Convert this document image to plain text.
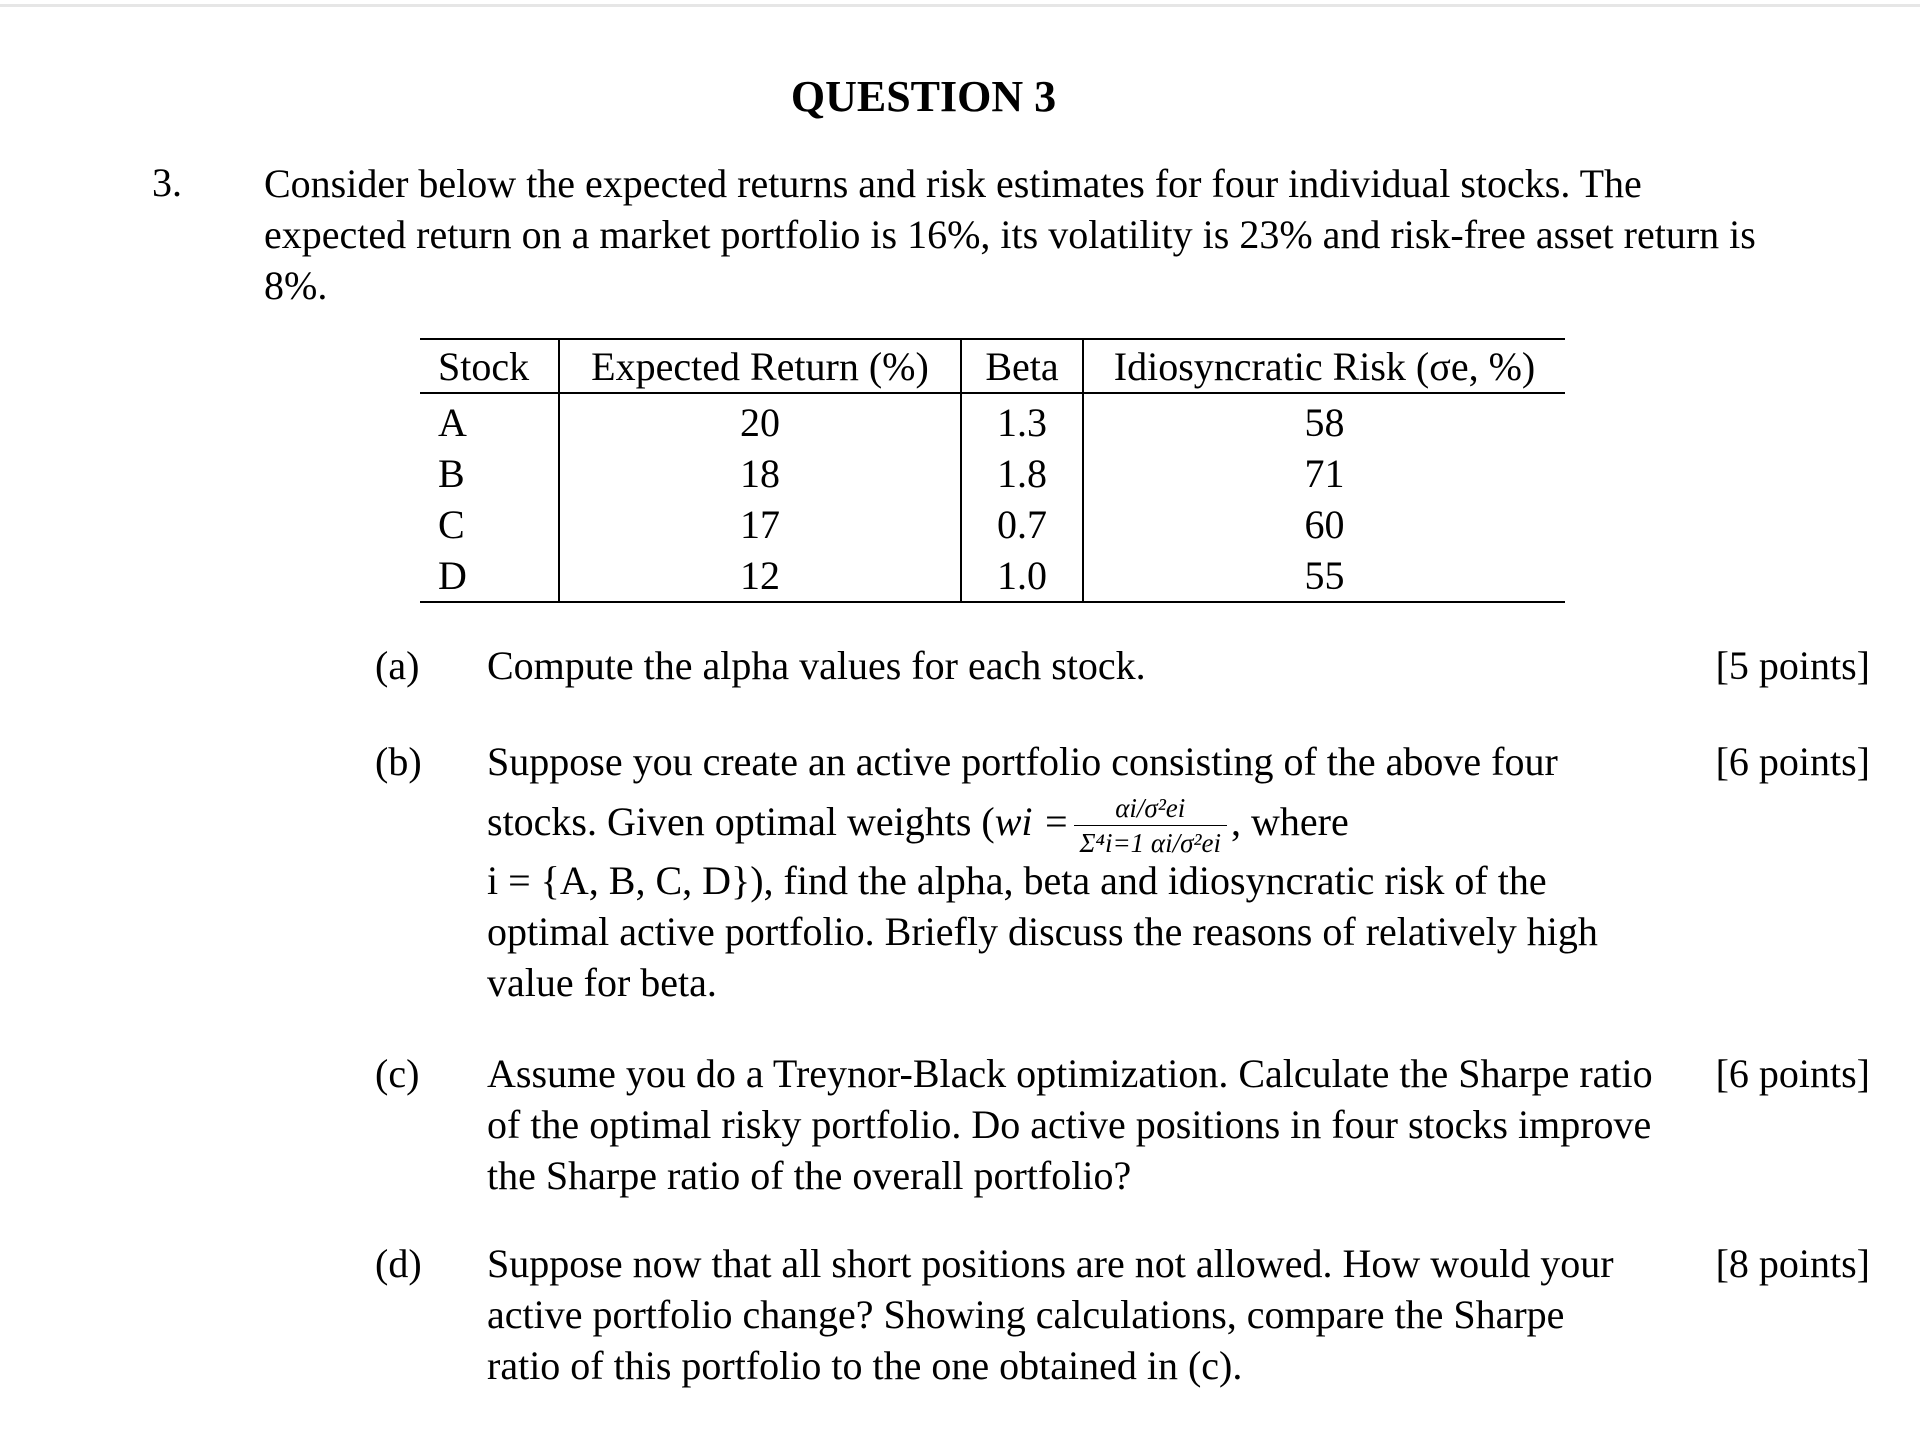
QUESTION 3
3. Consider below the expected returns and risk estimates for four individual stocks. The expected return on a market portfolio is 16%, its volatility is 23% and risk-free asset return is 8%.
Stock	Expected Return (%)	Beta	Idiosyncratic Risk (σe, %)
A	20	1.3	58
B	18	1.8	71
C	17	0.7	60
D	12	1.0	55
(a) Compute the alpha values for each stock.	[5 points]
(b) Suppose you create an active portfolio consisting of the above four
stocks. Given optimal weights ($wi = \frac{\text{αi/σ²ei}}{\text{Σ⁴i=1 αi/σ²ei}}$ , where
i = {A, B, C, D}), find the alpha, beta and idiosyncratic risk of the optimal active portfolio. Briefly discuss the reasons of relatively high value for beta.
[6 points]
(c) Assume you do a Treynor-Black optimization. Calculate the Sharpe ratio of the optimal risky portfolio. Do active positions in four stocks improve the Sharpe ratio of the overall portfolio?
[6 points]
(d) Suppose now that all short positions are not allowed. How would your active portfolio change? Showing calculations, compare the Sharpe ratio of this portfolio to the one obtained in (c).
[8 points]
